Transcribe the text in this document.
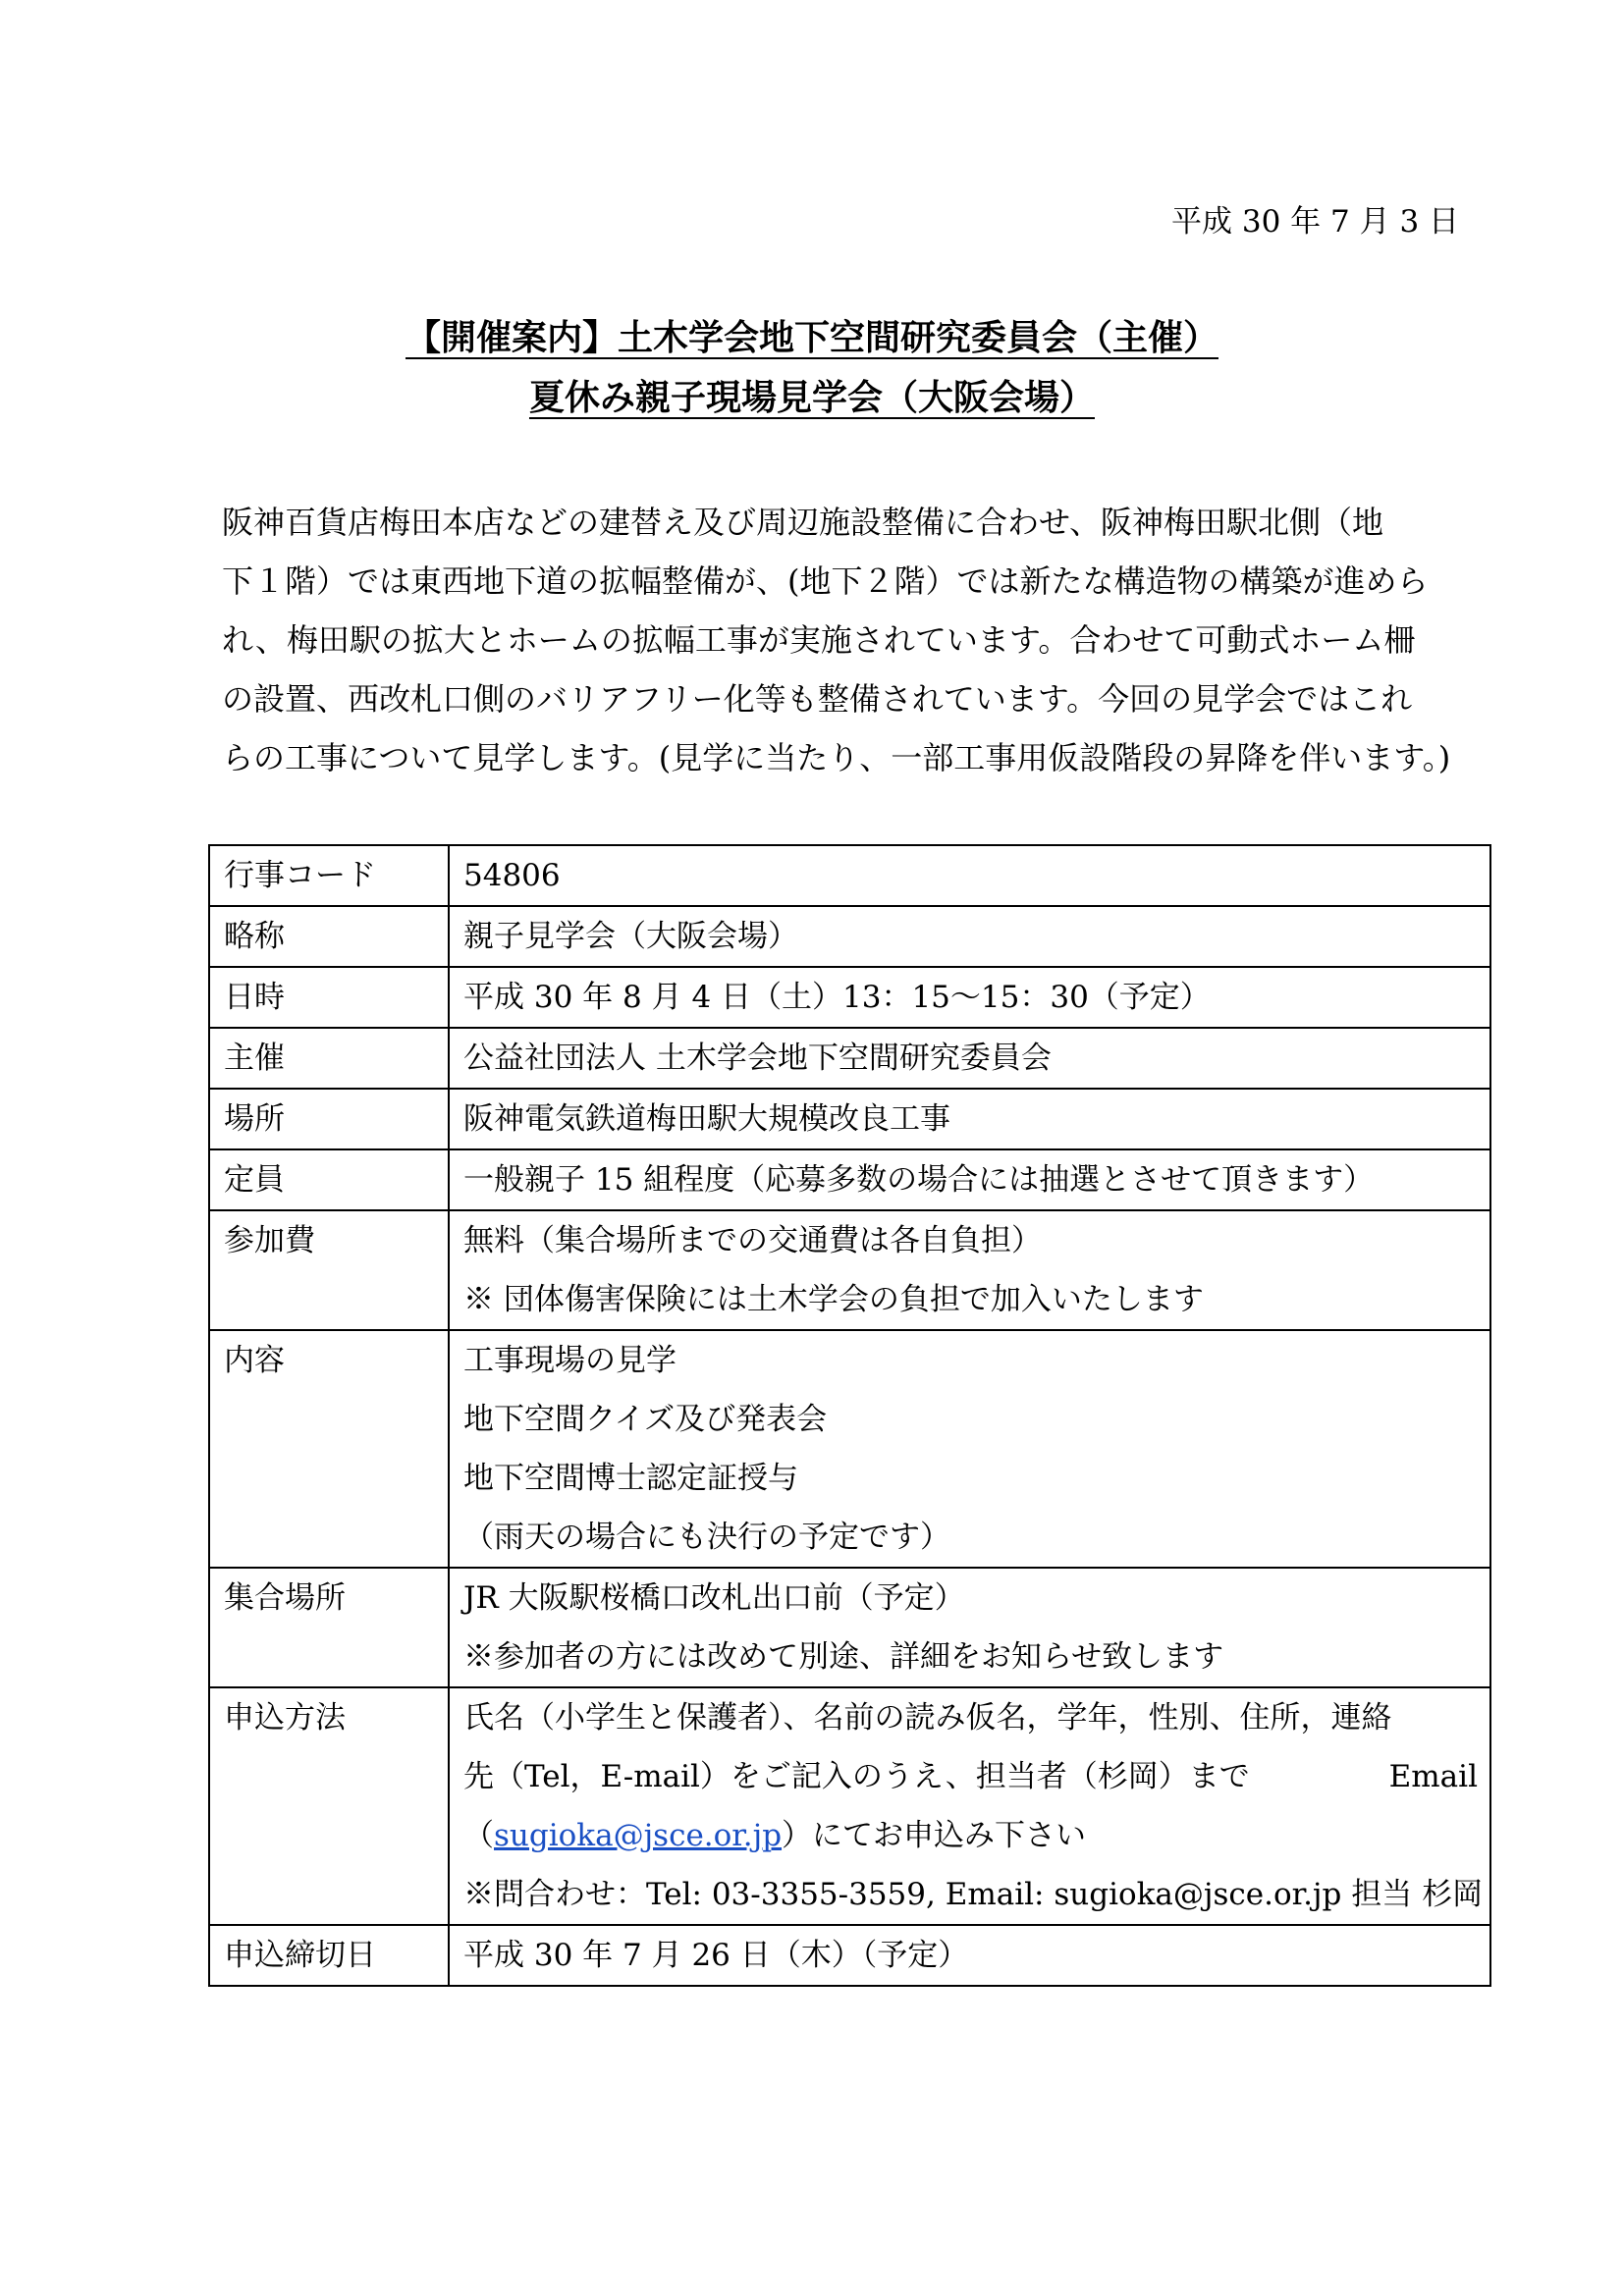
平成 30 年 7 月 3 日
【開催案内】土木学会地下空間研究委員会（主催）
夏休み親子現場見学会（大阪会場）
阪神百貨店梅田本店などの建替え及び周辺施設整備に合わせ、阪神梅田駅北側（地
下１階）では東西地下道の拡幅整備が、(地下２階）では新たな構造物の構築が進めら
れ、梅田駅の拡大とホームの拡幅工事が実施されています。合わせて可動式ホーム柵
の設置、西改札口側のバリアフリー化等も整備されています。今回の見学会ではこれ
らの工事について見学します。(見学に当たり、一部工事用仮設階段の昇降を伴います。)
行事コード	54806
略称	親子見学会（大阪会場）
日時	平成 30 年 8 月 4 日（土）13：15～15：30（予定）
主催	公益社団法人 土木学会地下空間研究委員会
場所	阪神電気鉄道梅田駅大規模改良工事
定員	一般親子 15 組程度（応募多数の場合には抽選とさせて頂きます）
参加費	無料（集合場所までの交通費は各自負担）
※ 団体傷害保険には土木学会の負担で加入いたします

内容	工事現場の見学
地下空間クイズ及び発表会
地下空間博士認定証授与
（雨天の場合にも決行の予定です）

集合場所	JR 大阪駅桜橋口改札出口前（予定）
※参加者の方には改めて別途、詳細をお知らせ致します

申込方法	氏名（小学生と保護者）、名前の読み仮名，学年，性別、住所，連絡
先（Tel，E-mail）をご記入のうえ、担当者（杉岡）まで Email
（sugioka@jsce.or.jp）にてお申込み下さい
※問合わせ：Tel: 03-3355-3559, Email: sugioka@jsce.or.jp 担当 杉岡

申込締切日	平成 30 年 7 月 26 日（木）（予定）
